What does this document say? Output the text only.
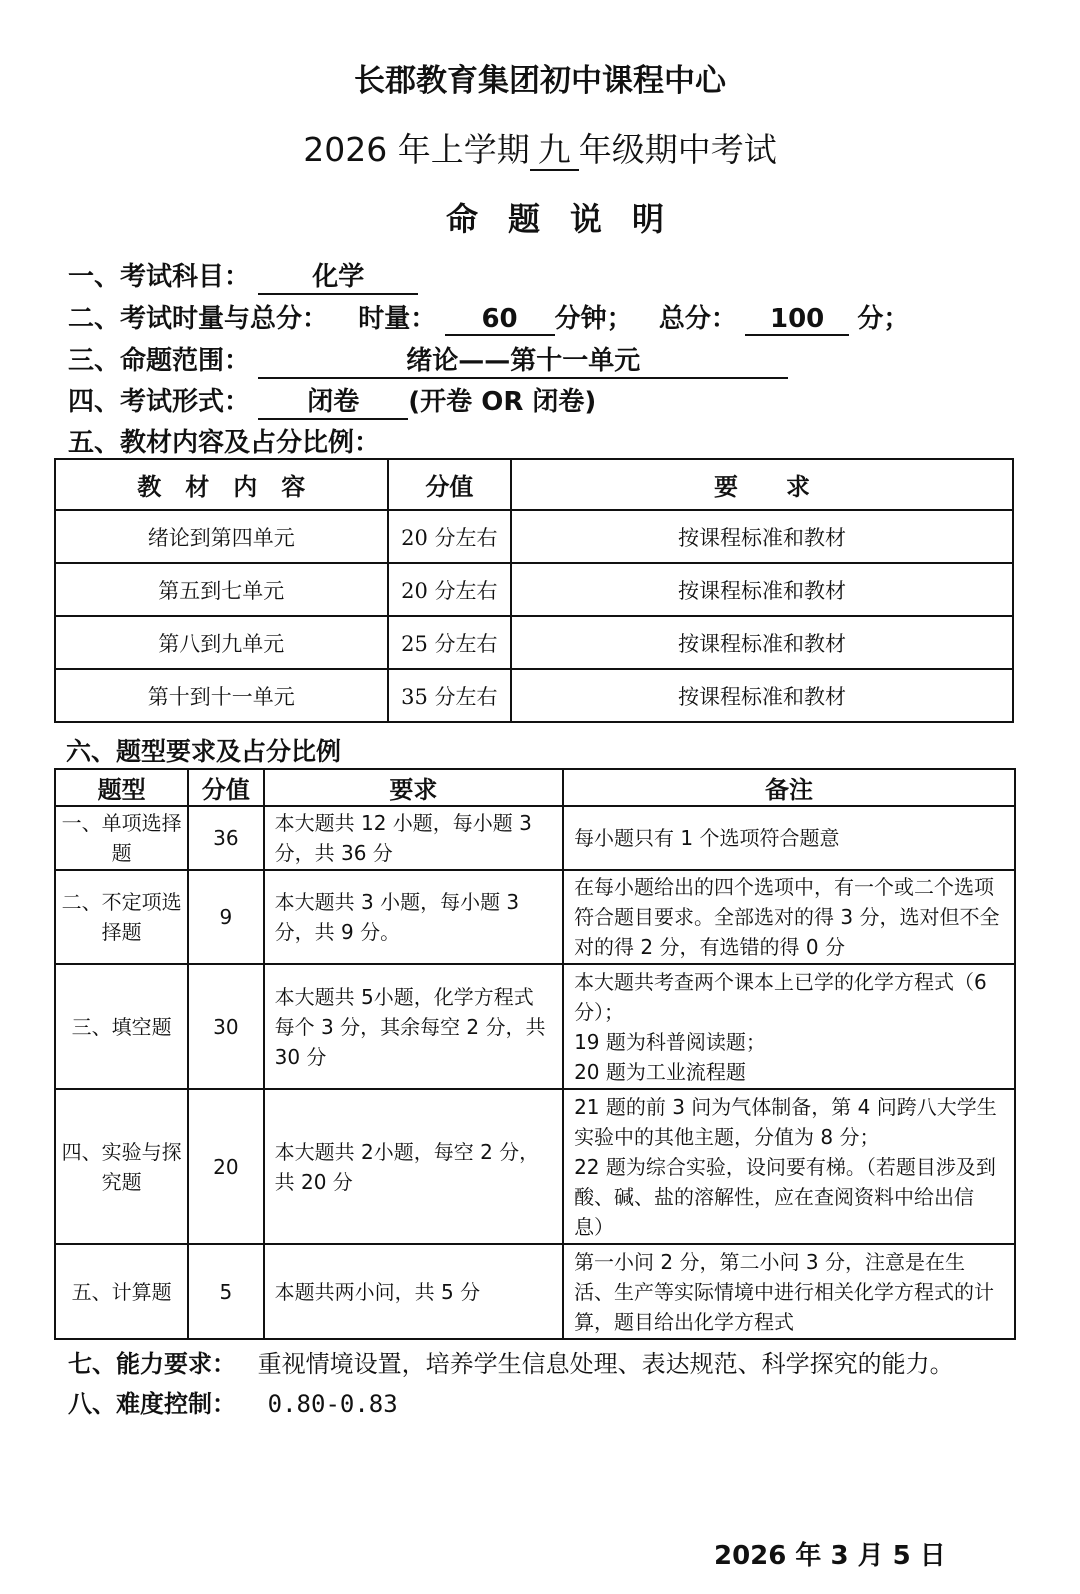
长郡教育集团初中课程中心
2026 年上学期 九 年级期中考试
命题说明
一、考试科目： 化学
二、考试时量与总分： 时量： 60 分钟； 总分： 100 分；
三、命题范围：	绪论——第十一单元
四、考试形式： 闭卷 (开卷 OR 闭卷)
五、教材内容及占分比例：
教　材　内　容	分值	要　　求
绪论到第四单元	20 分左右	按课程标准和教材
第五到七单元	20 分左右	按课程标准和教材
第八到九单元	25 分左右	按课程标准和教材
第十到十一单元	35 分左右	按课程标准和教材
六、题型要求及占分比例
题型	分值	要求	备注
一、单项选择题	36	本大题共 12 小题，每小题 3 分，共 36 分	每小题只有 1 个选项符合题意

二、不定项选择题	9	本大题共 3 小题，每小题 3 分，共 9 分。	在每小题给出的四个选项中，有一个或二个选项符合题目要求。全部选对的得 3 分，选对但不全对的得 2 分，有选错的得 0 分

三、填空题	30	本大题共 5小题，化学方程式每个 3 分，其余每空 2 分，共 30 分	本大题共考查两个课本上已学的化学方程式（6 分）；
19 题为科普阅读题；
20 题为工业流程题

四、实验与探究题	20	本大题共 2小题，每空 2 分，共 20 分	21 题的前 3 问为气体制备，第 4 问跨八大学生实验中的其他主题，分值为 8 分；
22 题为综合实验，设问要有梯。（若题目涉及到酸、碱、盐的溶解性，应在查阅资料中给出信息）

五、计算题	5	本题共两小问，共 5 分	第一小问 2 分，第二小问 3 分，注意是在生活、生产等实际情境中进行相关化学方程式的计算，题目给出化学方程式
七、能力要求： 重视情境设置，培养学生信息处理、表达规范、科学探究的能力。
八、难度控制： 0.80-0.83
2026 年 3 月 5 日
